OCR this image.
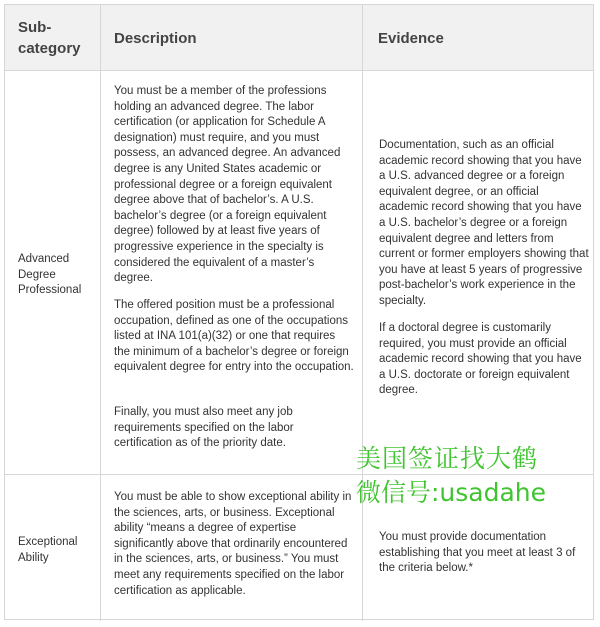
Sub-
category
Description	Evidence
Advanced Degree Professional
You must be a member of the professions holding an advanced degree. The labor certification (or application for Schedule A designation) must require, and you must possess, an advanced degree. An advanced degree is any United States academic or professional degree or a foreign equivalent degree above that of bachelor’s. A U.S. bachelor’s degree (or a foreign equivalent degree) followed by at least five years of progressive experience in the specialty is considered the equivalent of a master’s degree.
The offered position must be a professional occupation, defined as one of the occupations listed at INA 101(a)(32) or one that requires the minimum of a bachelor’s degree or foreign equivalent degree for entry into the occupation.
Finally, you must also meet any job requirements specified on the labor certification as of the priority date.
Documentation, such as an official academic record showing that you have a U.S. advanced degree or a foreign equivalent degree, or an official academic record showing that you have a U.S. bachelor’s degree or a foreign equivalent degree and letters from current or former employers showing that you have at least 5 years of progressive post-bachelor’s work experience in the specialty.
If a doctoral degree is customarily required, you must provide an official academic record showing that you have a U.S. doctorate or foreign equivalent degree.
Exceptional Ability
You must be able to show exceptional ability in the sciences, arts, or business. Exceptional ability “means a degree of expertise significantly above that ordinarily encountered in the sciences, arts, or business.” You must meet any requirements specified on the labor certification as applicable.
You must provide documentation establishing that you meet at least 3 of the criteria below.*
美国签证找大鹤
微信号:usadahe
